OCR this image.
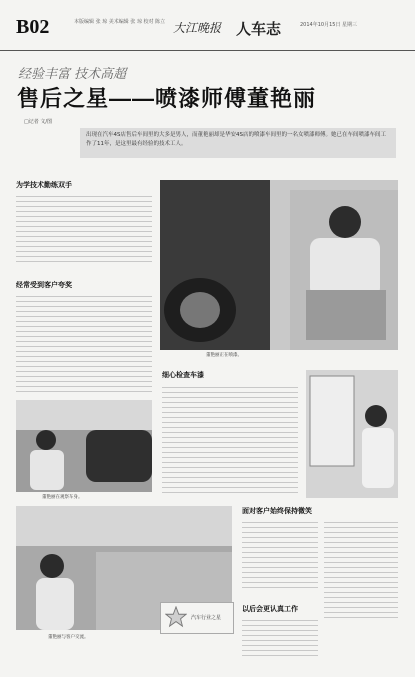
B02	本版编辑 张 琼 美术编辑 张 琼 校对 陈立 大江晚报 人车志	2014年10月15日 星期三
经验丰富 技术高超
售后之星——喷漆师傅董艳丽
□记者 文/图

出现在汽车4S店售后车间里的大多是男人，而董艳丽却是华安4S店的喷漆车间里的一名女喷漆师傅。她已在车间喷漆车间工作了11年，是这里最有经验的技术工人。

为学技术勤练双手
经常受到客户夸奖
董艳丽正在喷漆。
董艳丽在观察车身。
细心检查车漆
董艳丽与客户交流。
汽车行业之星
面对客户始终保持微笑
以后会更认真工作
